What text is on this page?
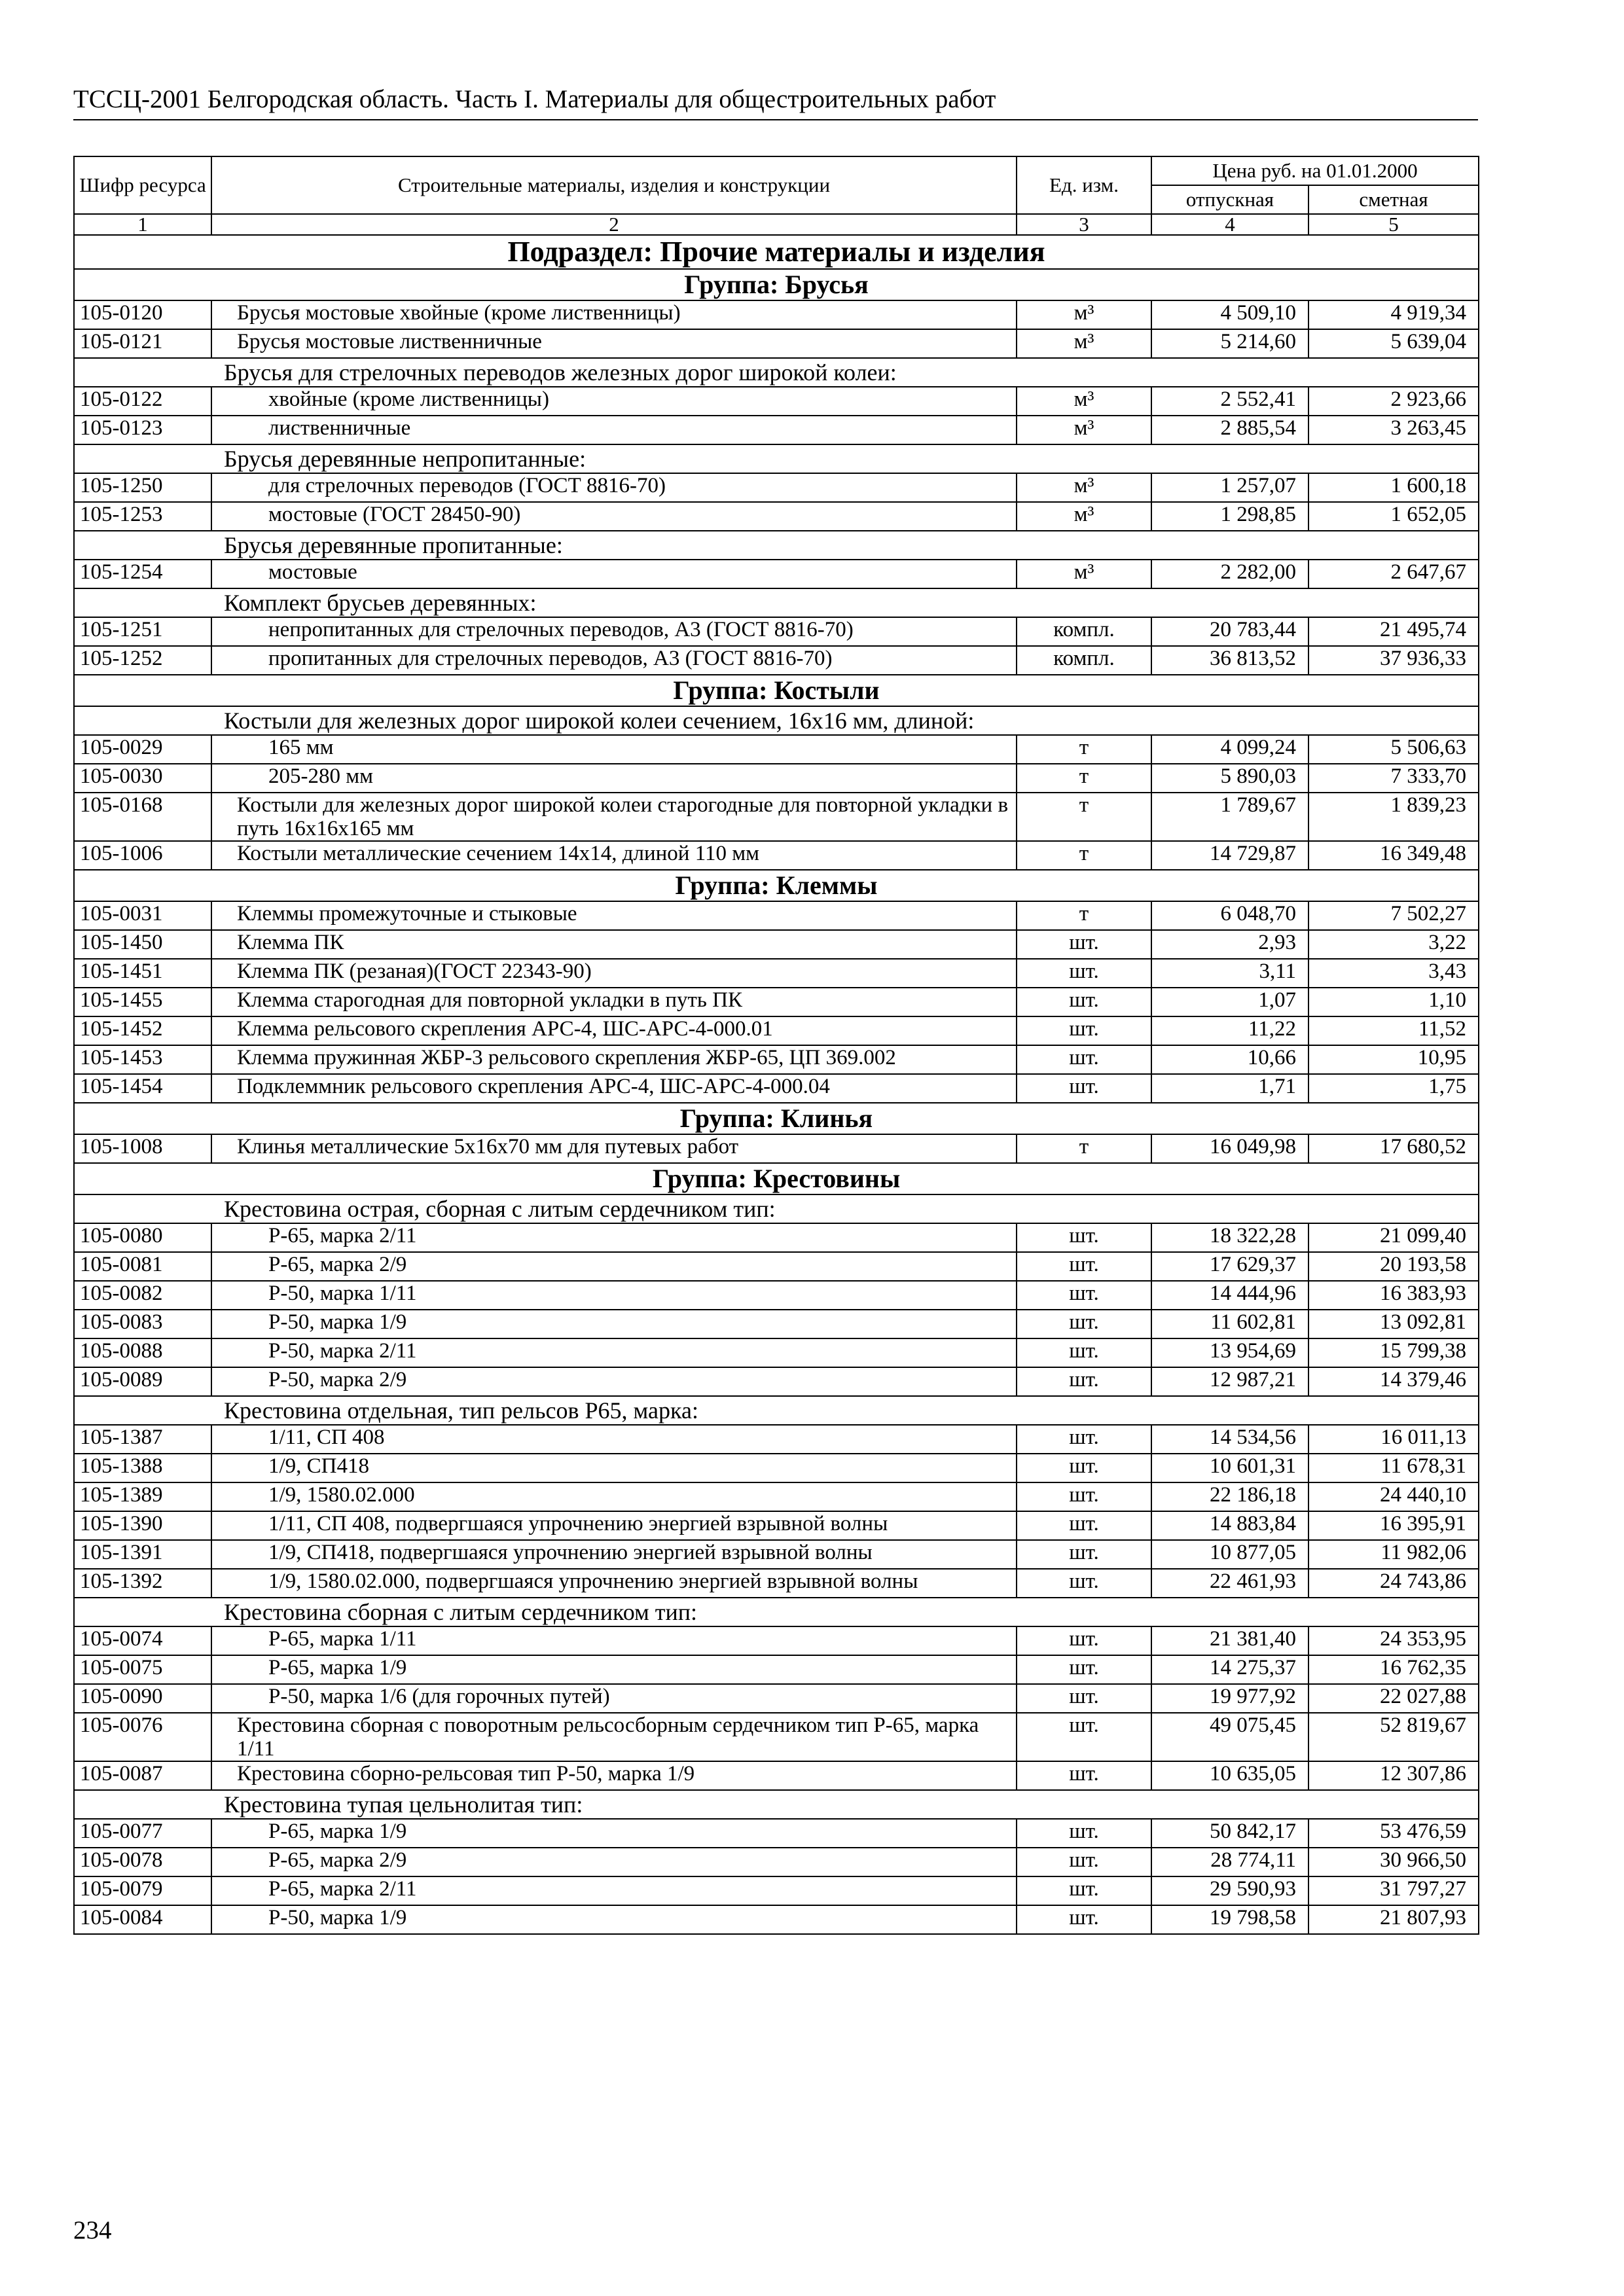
ТССЦ-2001 Белгородская область. Часть I. Материалы для общестроительных работ
Шифр ресурса	Строительные материалы, изделия и конструкции	Ед. изм.	Цена руб. на 01.01.2000	
			отпускная	сметная
1	2	3	4	5
Подраздел: Прочие материалы и изделия				
Группа: Брусья				
105-0120	Брусья мостовые хвойные (кроме лиственницы)	м³	4 509,10	4 919,34
105-0121	Брусья мостовые лиственничные	м³	5 214,60	5 639,04
Брусья для стрелочных переводов железных дорог широкой колеи:				
105-0122	хвойные (кроме лиственницы)	м³	2 552,41	2 923,66
105-0123	лиственничные	м³	2 885,54	3 263,45
Брусья деревянные непропитанные:				
105-1250	для стрелочных переводов (ГОСТ 8816-70)	м³	1 257,07	1 600,18
105-1253	мостовые (ГОСТ 28450-90)	м³	1 298,85	1 652,05
Брусья деревянные пропитанные:				
105-1254	мостовые	м³	2 282,00	2 647,67
Комплект брусьев деревянных:				
105-1251	непропитанных для стрелочных переводов, А3 (ГОСТ 8816-70)	компл.	20 783,44	21 495,74
105-1252	пропитанных для стрелочных переводов, А3 (ГОСТ 8816-70)	компл.	36 813,52	37 936,33
Группа: Костыли				
Костыли для железных дорог широкой колеи сечением, 16x16 мм, длиной:				
105-0029	165 мм	т	4 099,24	5 506,63
105-0030	205-280 мм	т	5 890,03	7 333,70
105-0168	Костыли для железных дорог широкой колеи старогодные для повторной укладки в путь 16x16x165 мм	т	1 789,67	1 839,23
105-1006	Костыли металлические сечением 14x14, длиной 110 мм	т	14 729,87	16 349,48
Группа: Клеммы				
105-0031	Клеммы промежуточные и стыковые	т	6 048,70	7 502,27
105-1450	Клемма ПК	шт.	2,93	3,22
105-1451	Клемма ПК (резаная)(ГОСТ 22343-90)	шт.	3,11	3,43
105-1455	Клемма старогодная для повторной укладки в путь ПК	шт.	1,07	1,10
105-1452	Клемма рельсового скрепления АРС-4, ШС-АРС-4-000.01	шт.	11,22	11,52
105-1453	Клемма пружинная ЖБР-3 рельсового скрепления ЖБР-65, ЦП 369.002	шт.	10,66	10,95
105-1454	Подклеммник рельсового скрепления АРС-4, ШС-АРС-4-000.04	шт.	1,71	1,75
Группа: Клинья				
105-1008	Клинья металлические 5x16x70 мм для путевых работ	т	16 049,98	17 680,52
Группа: Крестовины				
Крестовина острая, сборная с литым сердечником тип:				
105-0080	Р-65, марка 2/11	шт.	18 322,28	21 099,40
105-0081	Р-65, марка 2/9	шт.	17 629,37	20 193,58
105-0082	Р-50, марка 1/11	шт.	14 444,96	16 383,93
105-0083	Р-50, марка 1/9	шт.	11 602,81	13 092,81
105-0088	Р-50, марка 2/11	шт.	13 954,69	15 799,38
105-0089	Р-50, марка 2/9	шт.	12 987,21	14 379,46
Крестовина отдельная, тип рельсов Р65, марка:				
105-1387	1/11, СП 408	шт.	14 534,56	16 011,13
105-1388	1/9, СП418	шт.	10 601,31	11 678,31
105-1389	1/9, 1580.02.000	шт.	22 186,18	24 440,10
105-1390	1/11, СП 408, подвергшаяся упрочнению энергией взрывной волны	шт.	14 883,84	16 395,91
105-1391	1/9, СП418, подвергшаяся упрочнению энергией взрывной волны	шт.	10 877,05	11 982,06
105-1392	1/9, 1580.02.000, подвергшаяся упрочнению энергией взрывной волны	шт.	22 461,93	24 743,86
Крестовина сборная с литым сердечником тип:				
105-0074	Р-65, марка 1/11	шт.	21 381,40	24 353,95
105-0075	Р-65, марка 1/9	шт.	14 275,37	16 762,35
105-0090	Р-50, марка 1/6 (для горочных путей)	шт.	19 977,92	22 027,88
105-0076	Крестовина сборная с поворотным рельсосборным сердечником тип Р-65, марка 1/11	шт.	49 075,45	52 819,67
105-0087	Крестовина сборно-рельсовая тип Р-50, марка 1/9	шт.	10 635,05	12 307,86
Крестовина тупая цельнолитая тип:				
105-0077	Р-65, марка 1/9	шт.	50 842,17	53 476,59
105-0078	Р-65, марка 2/9	шт.	28 774,11	30 966,50
105-0079	Р-65, марка 2/11	шт.	29 590,93	31 797,27
105-0084	Р-50, марка 1/9	шт.	19 798,58	21 807,93
234
